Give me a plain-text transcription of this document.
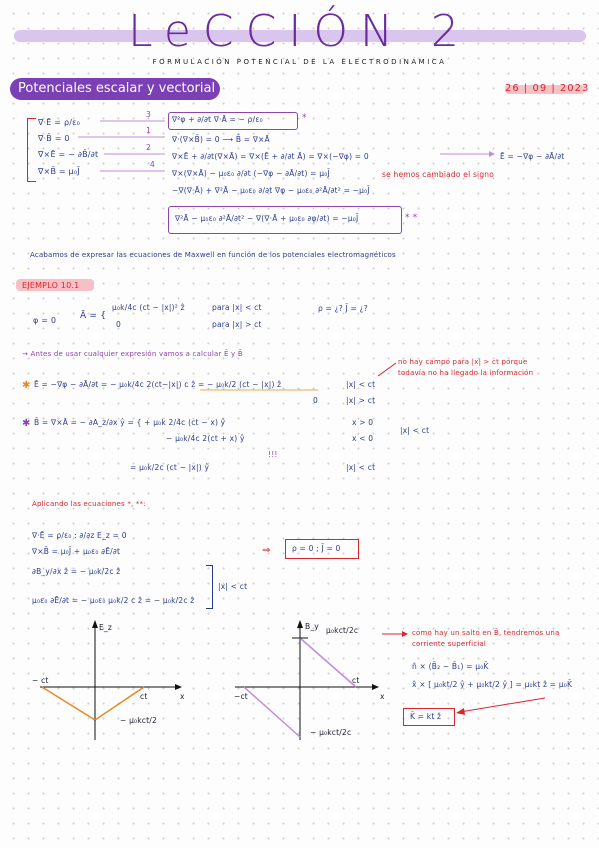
LeCCIÓN 2
FORMULACIÓN POTENCIAL DE LA ELECTRODINÁMICA
Potenciales escalar y vectorial	26 | 09 | 2023
∇·Ē = ρ/ε₀
∇·B̄ = 0
∇×Ē = − ∂B̄/∂t
∇×B̄ = μ₀J̄
3
1
2
4
∇²φ + ∂/∂t ∇·Ā = − ρ/ε₀	*
∇·(∇×B̄) = 0 ⟶ B̄ = ∇×Ā
∇×Ē + ∂/∂t(∇×Ā) = ∇×(Ē + ∂/∂t Ā) = ∇×(−∇φ) = 0	Ē = −∇φ − ∂Ā/∂t
∇×(∇×Ā) − μ₀ε₀ ∂/∂t (−∇φ − ∂Ā/∂t) = μ₀J̄	se hemos cambiado el signo
−∇(∇·Ā) + ∇²Ā − μ₀ε₀ ∂/∂t ∇φ − μ₀ε₀ ∂²Ā/∂t² = −μ₀J̄
∇²Ā − μ₀ε₀ ∂²Ā/∂t² − ∇(∇·Ā + μ₀ε₀ ∂φ/∂t) = −μ₀J̄	* *
Acabamos de expresar las ecuaciones de Maxwell en función de los potenciales electromagnéticos
EJEMPLO 10.1
φ = 0	Ā = {
μ₀k/4c (ct − |x|)² ẑ	para |x| < ct
0	para |x| > ct
ρ = ¿? J̄ = ¿?
→ Antes de usar cualquier expresión vamos a calcular Ē y B̄
no hay campo para |x| > ct porque todavía no ha llegado la información
✱ Ē = −∇φ − ∂Ā/∂t = − μ₀k/4c 2(ct−|x|) c ẑ = − μ₀k/2 (ct − |x|) ẑ	|x| < ct
0	|x| > ct
✱ B̄ = ∇×Ā = − ∂A_z/∂x ŷ = { + μ₀k 2/4c (ct − x) ŷ
− μ₀k/4c 2(ct + x) ŷ
x > 0
x < 0
|x| < ct
!!!
= μ₀k/2c (ct − |x|) ŷ	|x| < ct
Aplicando las ecuaciones *, **:
∇·Ē = ρ/ε₀ : ∂/∂z E_z = 0
∇×B̄ = μ₀J̄ + μ₀ε₀ ∂Ē/∂t
∂B_y/∂x ẑ = − μ₀k/2c ẑ
μ₀ε₀ ∂Ē/∂t = − μ₀ε₀ μ₀k/2 c ẑ = − μ₀k/2c ẑ
|x| < ct
⇒	ρ = 0 ; J̄ = 0
E_z
− ct
ct	x
− μ₀kct/2
B_y μ₀kct/2c
−ct
ct
x
− μ₀kct/2c
como hay un salto en B̄, tendremos una corriente superficial
n̂ × (B̄₂ − B̄₁) = μ₀K̄
x̂ × [ μ₀kt/2 ŷ + μ₀kt/2 ŷ ] = μ₀kt ẑ = μ₀K̄
K̄ = kt ẑ
